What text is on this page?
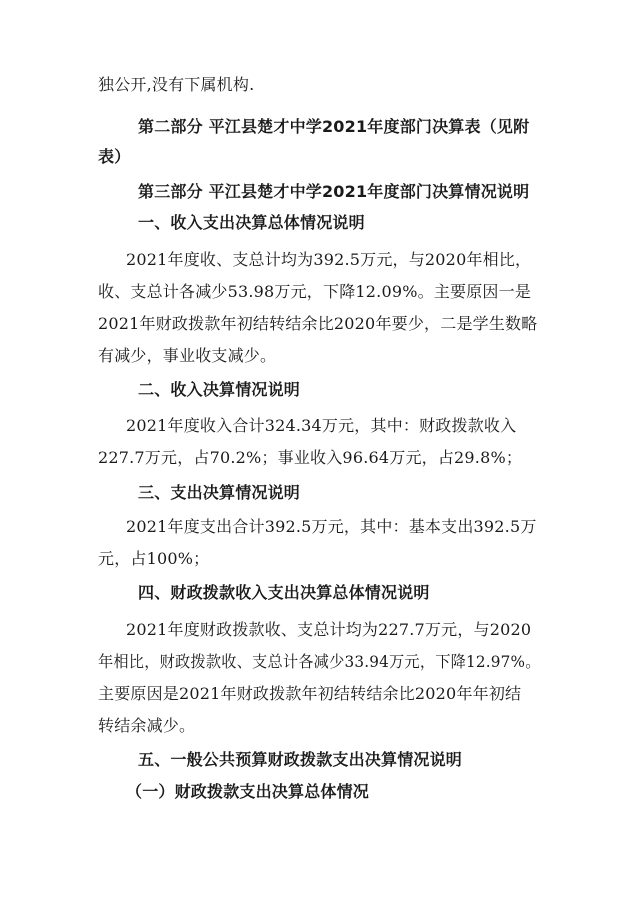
独公开,没有下属机构.
第二部分 平江县楚才中学2021年度部门决算表（见附
表）
第三部分 平江县楚才中学2021年度部门决算情况说明
一、收入支出决算总体情况说明
2021年度收、支总计均为392.5万元，与2020年相比，
收、支总计各减少53.98万元，下降12.09%。主要原因一是
2021年财政拨款年初结转结余比2020年要少，二是学生数略
有减少，事业收支减少。
二、收入决算情况说明
2021年度收入合计324.34万元，其中：财政拨款收入
227.7万元，占70.2%；事业收入96.64万元，占29.8%；
三、支出决算情况说明
2021年度支出合计392.5万元，其中：基本支出392.5万
元，占100%；
四、财政拨款收入支出决算总体情况说明
2021年度财政拨款收、支总计均为227.7万元，与2020
年相比，财政拨款收、支总计各减少33.94万元，下降12.97%。
主要原因是2021年财政拨款年初结转结余比2020年年初结
转结余减少。
五、一般公共预算财政拨款支出决算情况说明
（一）财政拨款支出决算总体情况
